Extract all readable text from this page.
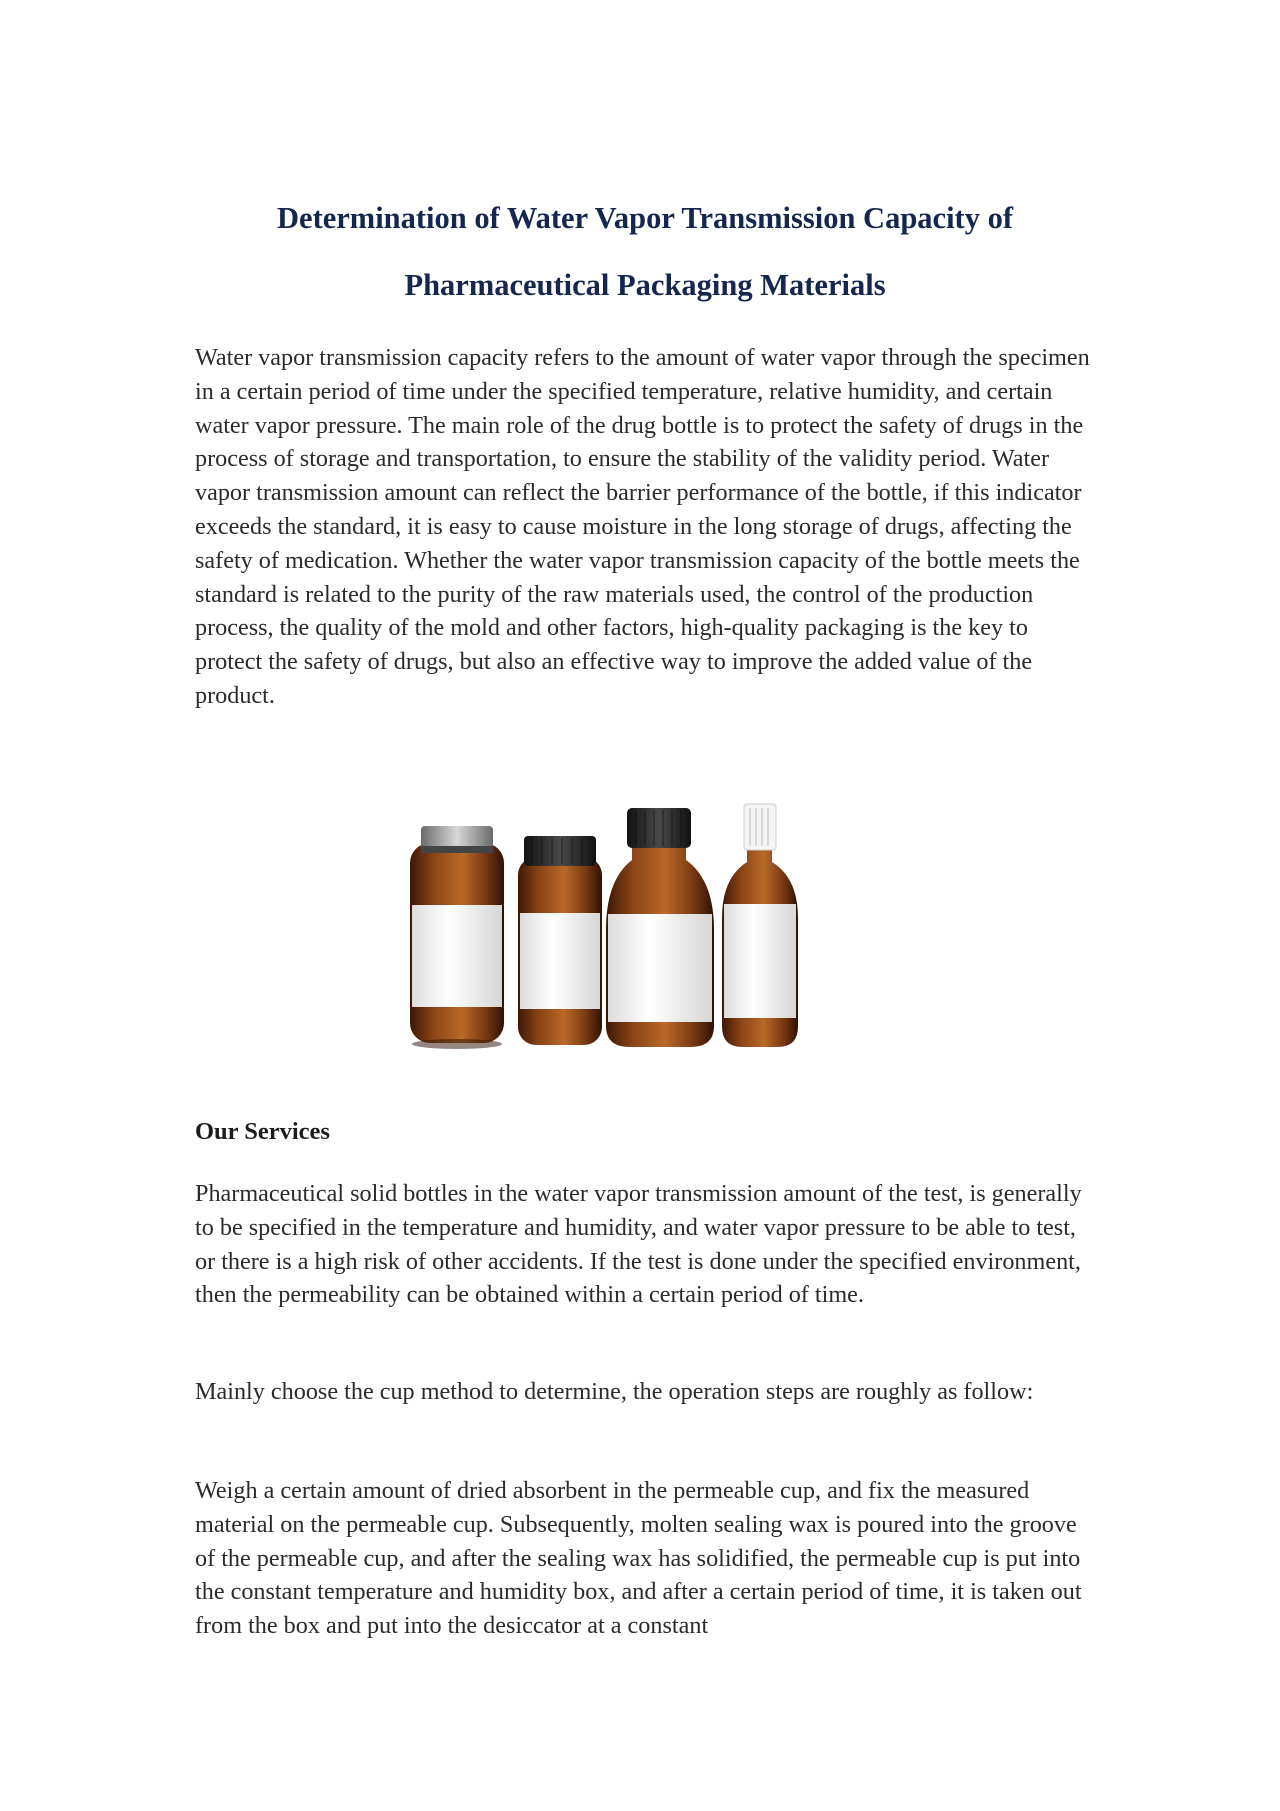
Determination of Water Vapor Transmission Capacity of
Pharmaceutical Packaging Materials

Water vapor transmission capacity refers to the amount of water vapor through the specimen in a certain period of time under the specified temperature, relative humidity, and certain water vapor pressure. The main role of the drug bottle is to protect the safety of drugs in the process of storage and transportation, to ensure the stability of the validity period. Water vapor transmission amount can reflect the barrier performance of the bottle, if this indicator exceeds the standard, it is easy to cause moisture in the long storage of drugs, affecting the safety of medication. Whether the water vapor transmission capacity of the bottle meets the standard is related to the purity of the raw materials used, the control of the production process, the quality of the mold and other factors, high-quality packaging is the key to protect the safety of drugs, but also an effective way to improve the added value of the product.

Our Services

Pharmaceutical solid bottles in the water vapor transmission amount of the test, is generally to be specified in the temperature and humidity, and water vapor pressure to be able to test, or there is a high risk of other accidents. If the test is done under the specified environment, then the permeability can be obtained within a certain period of time.

Mainly choose the cup method to determine, the operation steps are roughly as follow:

Weigh a certain amount of dried absorbent in the permeable cup, and fix the measured material on the permeable cup. Subsequently, molten sealing wax is poured into the groove of the permeable cup, and after the sealing wax has solidified, the permeable cup is put into the constant temperature and humidity box, and after a certain period of time, it is taken out from the box and put into the desiccator at a constant
